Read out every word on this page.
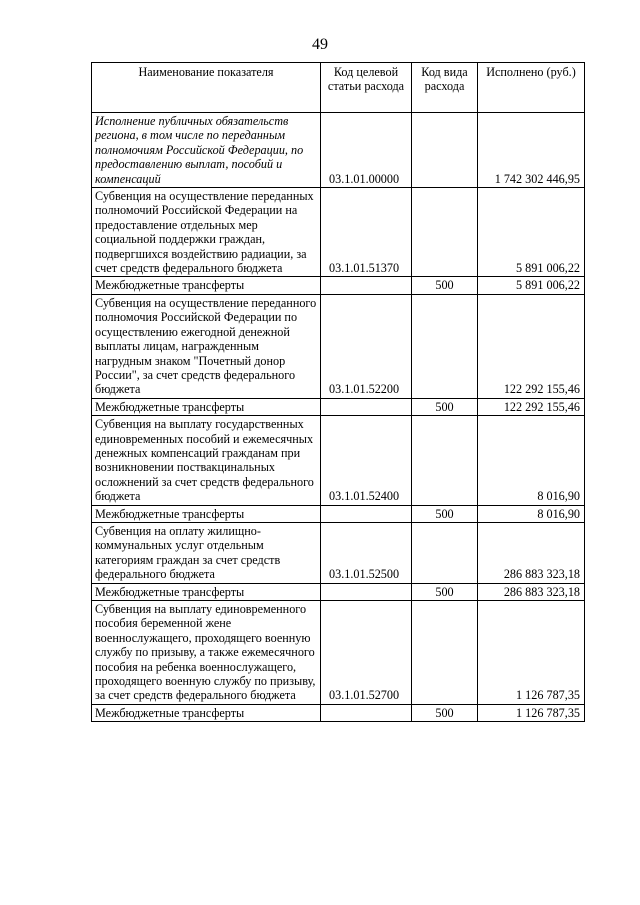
49
Наименование показателя	Код целевой статьи расхода	Код вида расхода	Исполнено (руб.)
Исполнение публичных обязательств региона, в том числе по переданным полномочиям Российской Федерации, по предоставлению выплат, пособий и компенсаций	03.1.01.00000		1 742 302 446,95
Субвенция на осуществление переданных полномочий Российской Федерации на предоставление отдельных мер социальной поддержки граждан, подвергшихся воздействию радиации, за счет средств федерального бюджета	03.1.01.51370		5 891 006,22
Межбюджетные трансферты		500	5 891 006,22
Субвенция на осуществление переданного полномочия Российской Федерации по осуществлению ежегодной денежной выплаты лицам, награжденным нагрудным знаком "Почетный донор России", за счет средств федерального бюджета	03.1.01.52200		122 292 155,46
Межбюджетные трансферты		500	122 292 155,46
Субвенция на выплату государственных единовременных пособий и ежемесячных денежных компенсаций гражданам при возникновении поствакцинальных осложнений за счет средств федерального бюджета	03.1.01.52400		8 016,90
Межбюджетные трансферты		500	8 016,90
Субвенция на оплату жилищно-коммунальных услуг отдельным категориям граждан за счет средств федерального бюджета	03.1.01.52500		286 883 323,18
Межбюджетные трансферты		500	286 883 323,18
Субвенция на выплату единовременного пособия беременной жене военнослужащего, проходящего военную службу по призыву, а также ежемесячного пособия на ребенка военнослужащего, проходящего военную службу по призыву, за счет средств федерального бюджета	03.1.01.52700		1 126 787,35
Межбюджетные трансферты		500	1 126 787,35
